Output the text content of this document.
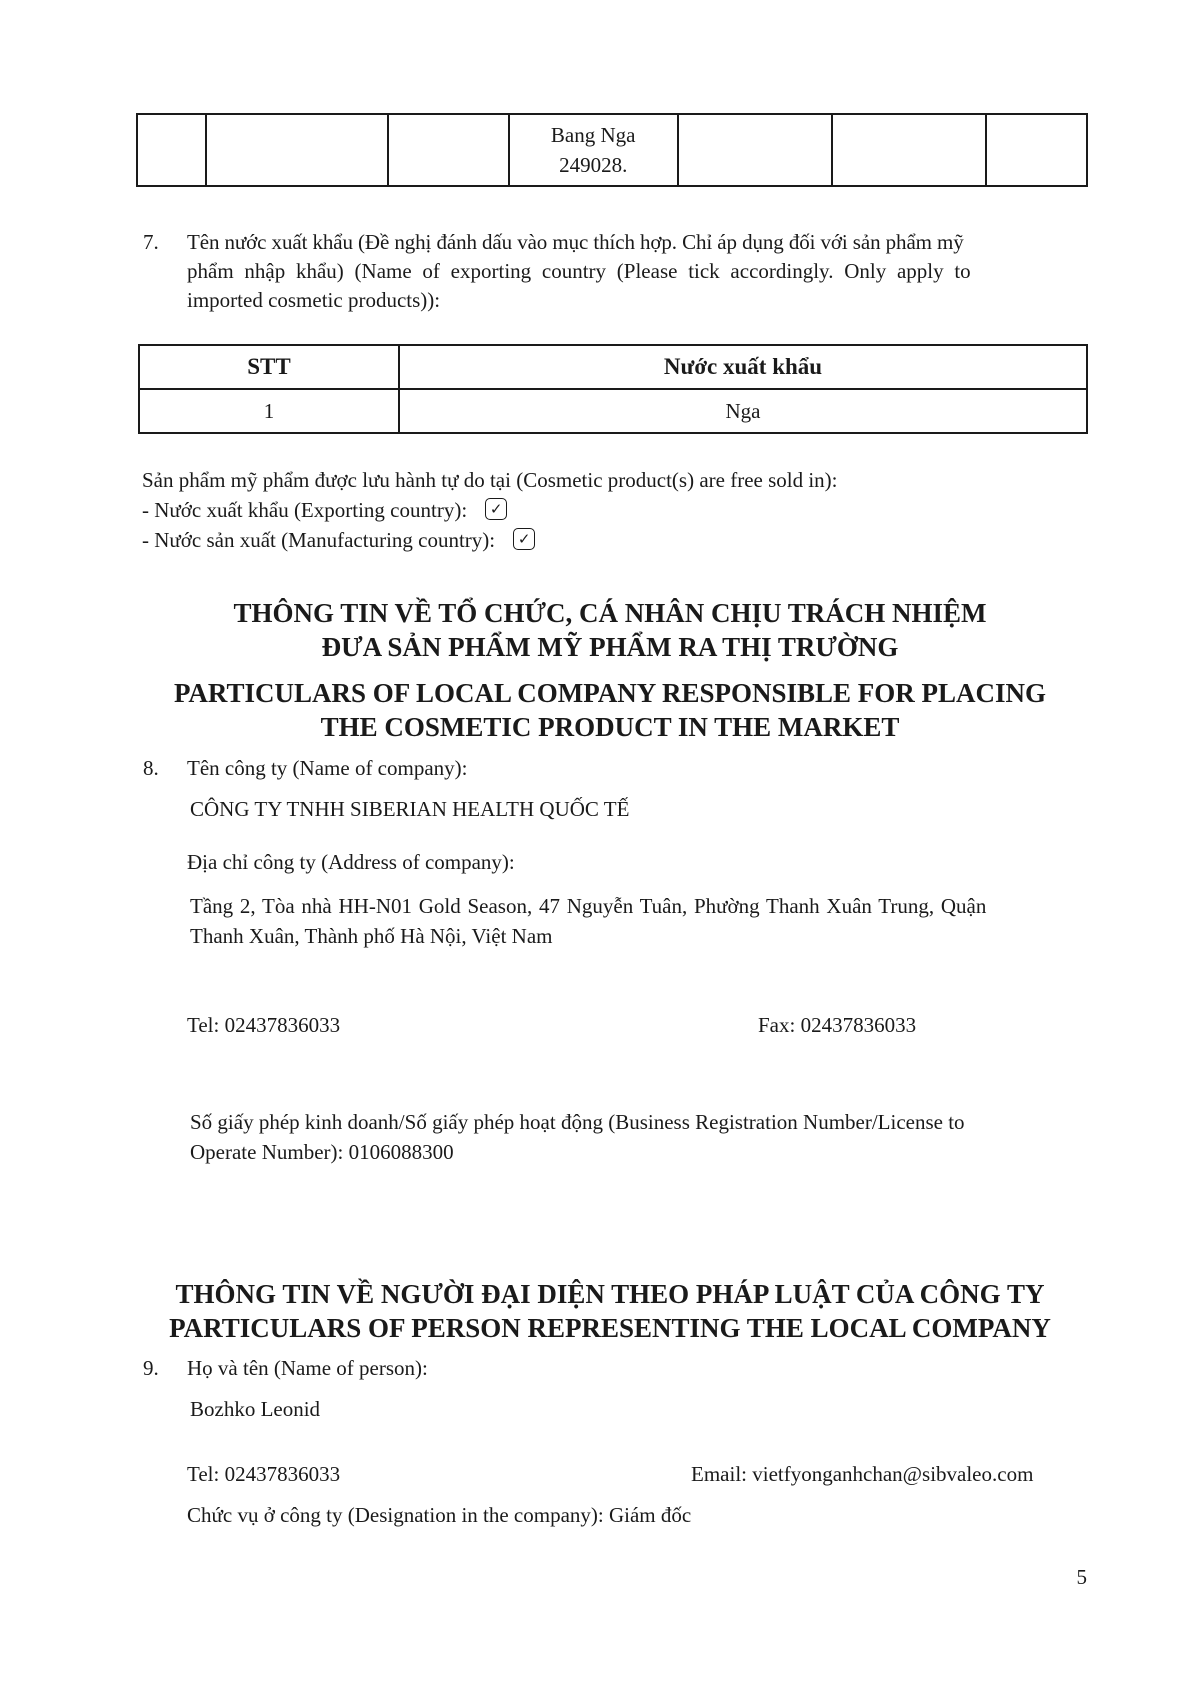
Bang Nga
249028.

7. Tên nước xuất khẩu (Đề nghị đánh dấu vào mục thích hợp. Chỉ áp dụng đối với sản phẩm mỹ
phẩm nhập khẩu) (Name of exporting country (Please tick accordingly. Only apply to
imported cosmetic products)):
STT	Nước xuất khẩu
1	Nga
Sản phẩm mỹ phẩm được lưu hành tự do tại (Cosmetic product(s) are free sold in):
- Nước xuất khẩu (Exporting country): ✓
- Nước sản xuất (Manufacturing country): ✓
THÔNG TIN VỀ TỔ CHỨC, CÁ NHÂN CHỊU TRÁCH NHIỆM
ĐƯA SẢN PHẨM MỸ PHẨM RA THỊ TRƯỜNG
PARTICULARS OF LOCAL COMPANY RESPONSIBLE FOR PLACING
THE COSMETIC PRODUCT IN THE MARKET
8. Tên công ty (Name of company):
CÔNG TY TNHH SIBERIAN HEALTH QUỐC TẾ
Địa chỉ công ty (Address of company):
Tầng 2, Tòa nhà HH-N01 Gold Season, 47 Nguyễn Tuân, Phường Thanh Xuân Trung, Quận
Thanh Xuân, Thành phố Hà Nội, Việt Nam
Tel: 02437836033	Fax: 02437836033
Số giấy phép kinh doanh/Số giấy phép hoạt động (Business Registration Number/License to
Operate Number): 0106088300
THÔNG TIN VỀ NGƯỜI ĐẠI DIỆN THEO PHÁP LUẬT CỦA CÔNG TY
PARTICULARS OF PERSON REPRESENTING THE LOCAL COMPANY
9. Họ và tên (Name of person):
Bozhko Leonid
Tel: 02437836033	Email: vietfyonganhchan@sibvaleo.com
Chức vụ ở công ty (Designation in the company): Giám đốc
5
